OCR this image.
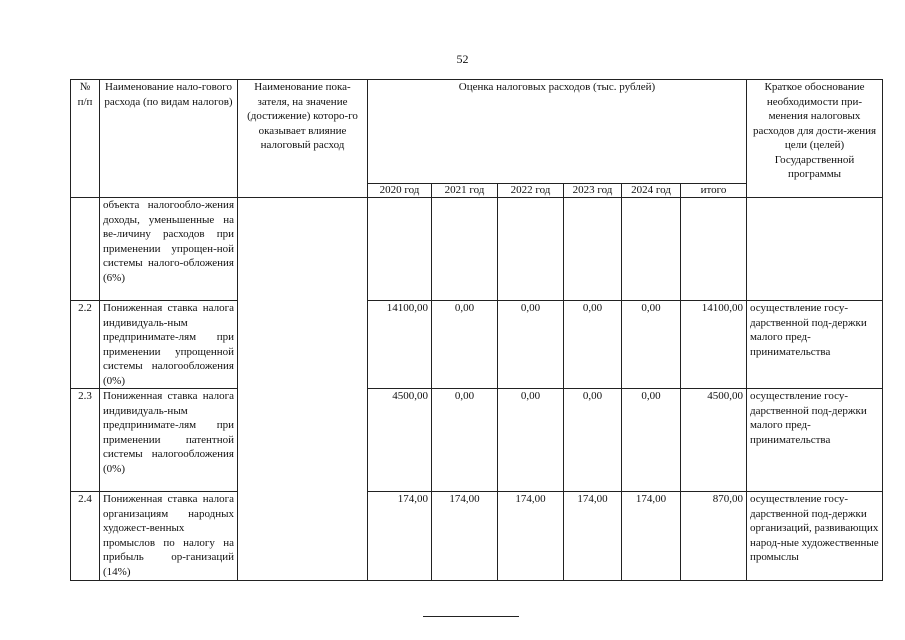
52
№ п/п	Наименование нало-гового расхода (по видам налогов)	Наименование пока-зателя, на значение (достижение) которо-го оказывает влияние налоговый расход	Оценка налоговых расходов (тыс. рублей)						Краткое обоснование необходимости при-менения налоговых расходов для дости-жения цели (целей) Государственной программы
			2020 год	2021 год	2022 год	2023 год	2024 год	итого	
	объекта налогообло-жения доходы, уменьшенные на ве-личину расходов при применении упрощен-ной системы налого-обложения (6%)								
2.2	Пониженная ставка налога индивидуаль-ным предпринимате-лям при применении упрощенной системы налогообложения (0%)		14100,00	0,00	0,00	0,00	0,00	14100,00	осуществление госу-дарственной под-держки малого пред-принимательства
2.3	Пониженная ставка налога индивидуаль-ным предпринимате-лям при применении патентной системы налогообложения (0%)		4500,00	0,00	0,00	0,00	0,00	4500,00	осуществление госу-дарственной под-держки малого пред-принимательства
2.4	Пониженная ставка налога организациям народных художест-венных промыслов по налогу на прибыль ор-ганизаций (14%)		174,00	174,00	174,00	174,00	174,00	870,00	осуществление госу-дарственной под-держки организаций, развивающих народ-ные художественные промыслы
